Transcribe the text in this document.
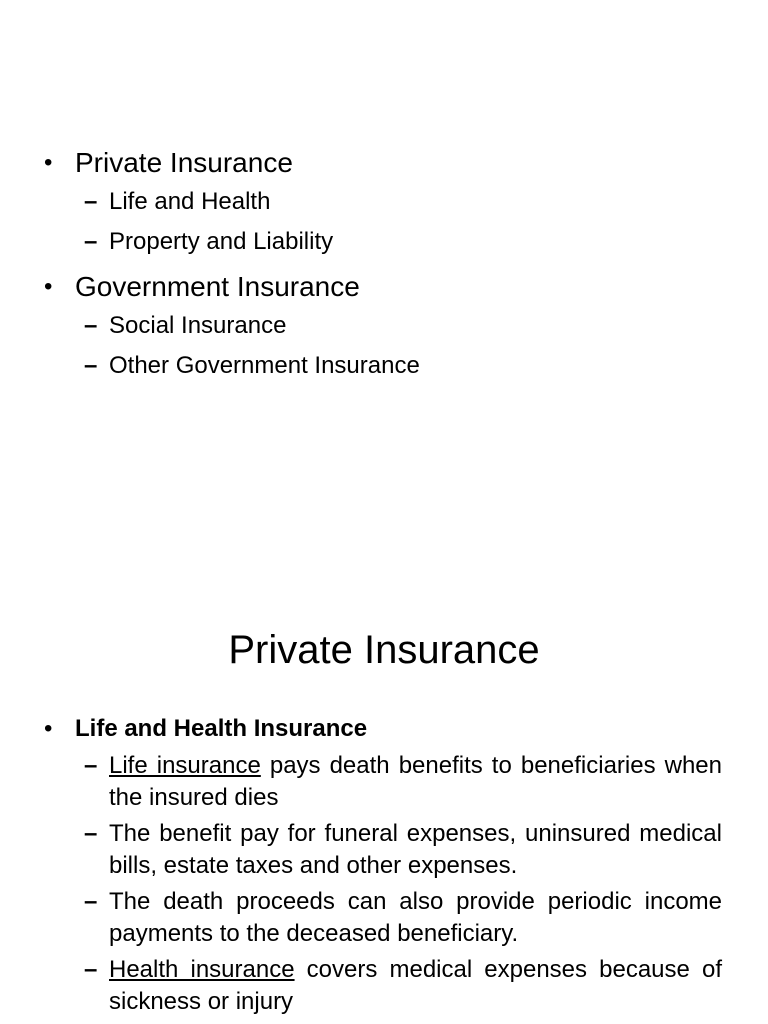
• Private Insurance
– Life and Health
– Property and Liability
• Government Insurance
– Social Insurance
– Other Government Insurance
Private Insurance
• Life and Health Insurance
– Life insurance pays death benefits to beneficiaries when the insured dies
– The benefit pay for funeral expenses, uninsured medical bills, estate taxes and other expenses.
– The death proceeds can also provide periodic income payments to the deceased beneficiary.
– Health insurance covers medical expenses because of sickness or injury
